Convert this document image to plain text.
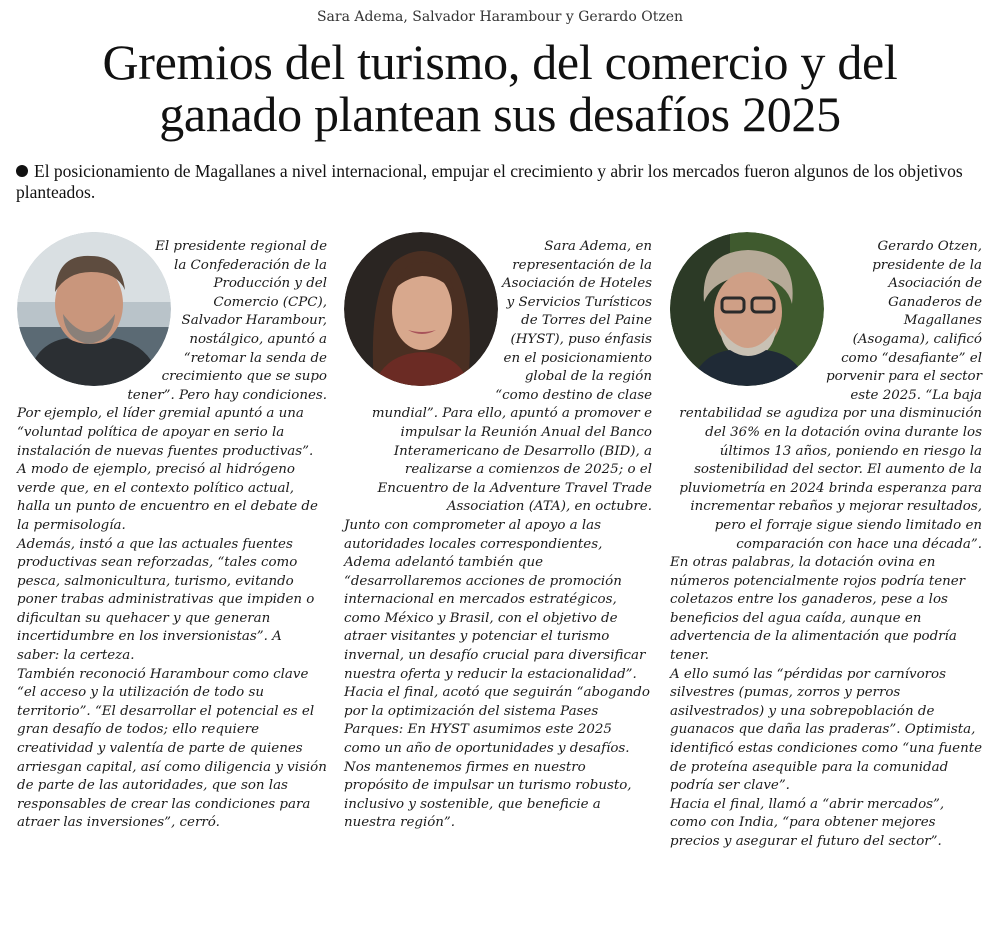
Sara Adema, Salvador Harambour y Gerardo Otzen
Gremios del turismo, del comercio y del
ganado plantean sus desafíos 2025
El posicionamiento de Magallanes a nivel internacional, empujar el crecimiento y abrir los mercados fueron algunos de los objetivos planteados.

El presidente regional de la Confederación de la Producción y del Comercio (CPC), Salvador Harambour, nostálgico, apuntó a “retomar la senda de crecimiento que se supo tener”. Pero hay condiciones.

Por ejemplo, el líder gremial apuntó a una “voluntad política de apoyar en serio la instalación de nuevas fuentes productivas”. A modo de ejemplo, precisó al hidrógeno verde que, en el contexto político actual, halla un punto de encuentro en el debate de la permisología.

Además, instó a que las actuales fuentes productivas sean reforzadas, “tales como pesca, salmonicultura, turismo, evitando poner trabas administrativas que impiden o dificultan su quehacer y que generan incertidumbre en los inversionistas”. A saber: la certeza.

También reconoció Harambour como clave “el acceso y la utilización de todo su territorio”. “El desarrollar el potencial es el gran desafío de todos; ello requiere creatividad y valentía de parte de quienes arriesgan capital, así como diligencia y visión de parte de las autoridades, que son las responsables de crear las condiciones para atraer las inversiones”, cerró.

Sara Adema, en representación de la Asociación de Hoteles y Servicios Turísticos de Torres del Paine (HYST), puso énfasis en el posicionamiento global de la región “como destino de clase mundial”. Para ello, apuntó a promover e impulsar la Reunión Anual del Banco Interamericano de Desarrollo (BID), a realizarse a comienzos de 2025; o el Encuentro de la Adventure Travel Trade Association (ATA), en octubre.

Junto con comprometer al apoyo a las autoridades locales correspondientes, Adema adelantó también que “desarrollaremos acciones de promoción internacional en mercados estratégicos, como México y Brasil, con el objetivo de atraer visitantes y potenciar el turismo invernal, un desafío crucial para diversificar nuestra oferta y reducir la estacionalidad”.

Hacia el final, acotó que seguirán “abogando por la optimización del sistema Pases Parques: En HYST asumimos este 2025 como un año de oportunidades y desafíos. Nos mantenemos firmes en nuestro propósito de impulsar un turismo robusto, inclusivo y sostenible, que beneficie a nuestra región”.

Gerardo Otzen, presidente de la Asociación de Ganaderos de Magallanes (Asogama), calificó como “desafiante” el porvenir para el sector este 2025. “La baja rentabilidad se agudiza por una disminución del 36% en la dotación ovina durante los últimos 13 años, poniendo en riesgo la sostenibilidad del sector. El aumento de la pluviometría en 2024 brinda esperanza para incrementar rebaños y mejorar resultados, pero el forraje sigue siendo limitado en comparación con hace una década”.

En otras palabras, la dotación ovina en números potencialmente rojos podría tener coletazos entre los ganaderos, pese a los beneficios del agua caída, aunque en advertencia de la alimentación que podría tener.

A ello sumó las “pérdidas por carnívoros silvestres (pumas, zorros y perros asilvestrados) y una sobrepoblación de guanacos que daña las praderas”. Optimista, identificó estas condiciones como “una fuente de proteína asequible para la comunidad podría ser clave”.

Hacia el final, llamó a “abrir mercados”, como con India, “para obtener mejores precios y asegurar el futuro del sector”.
